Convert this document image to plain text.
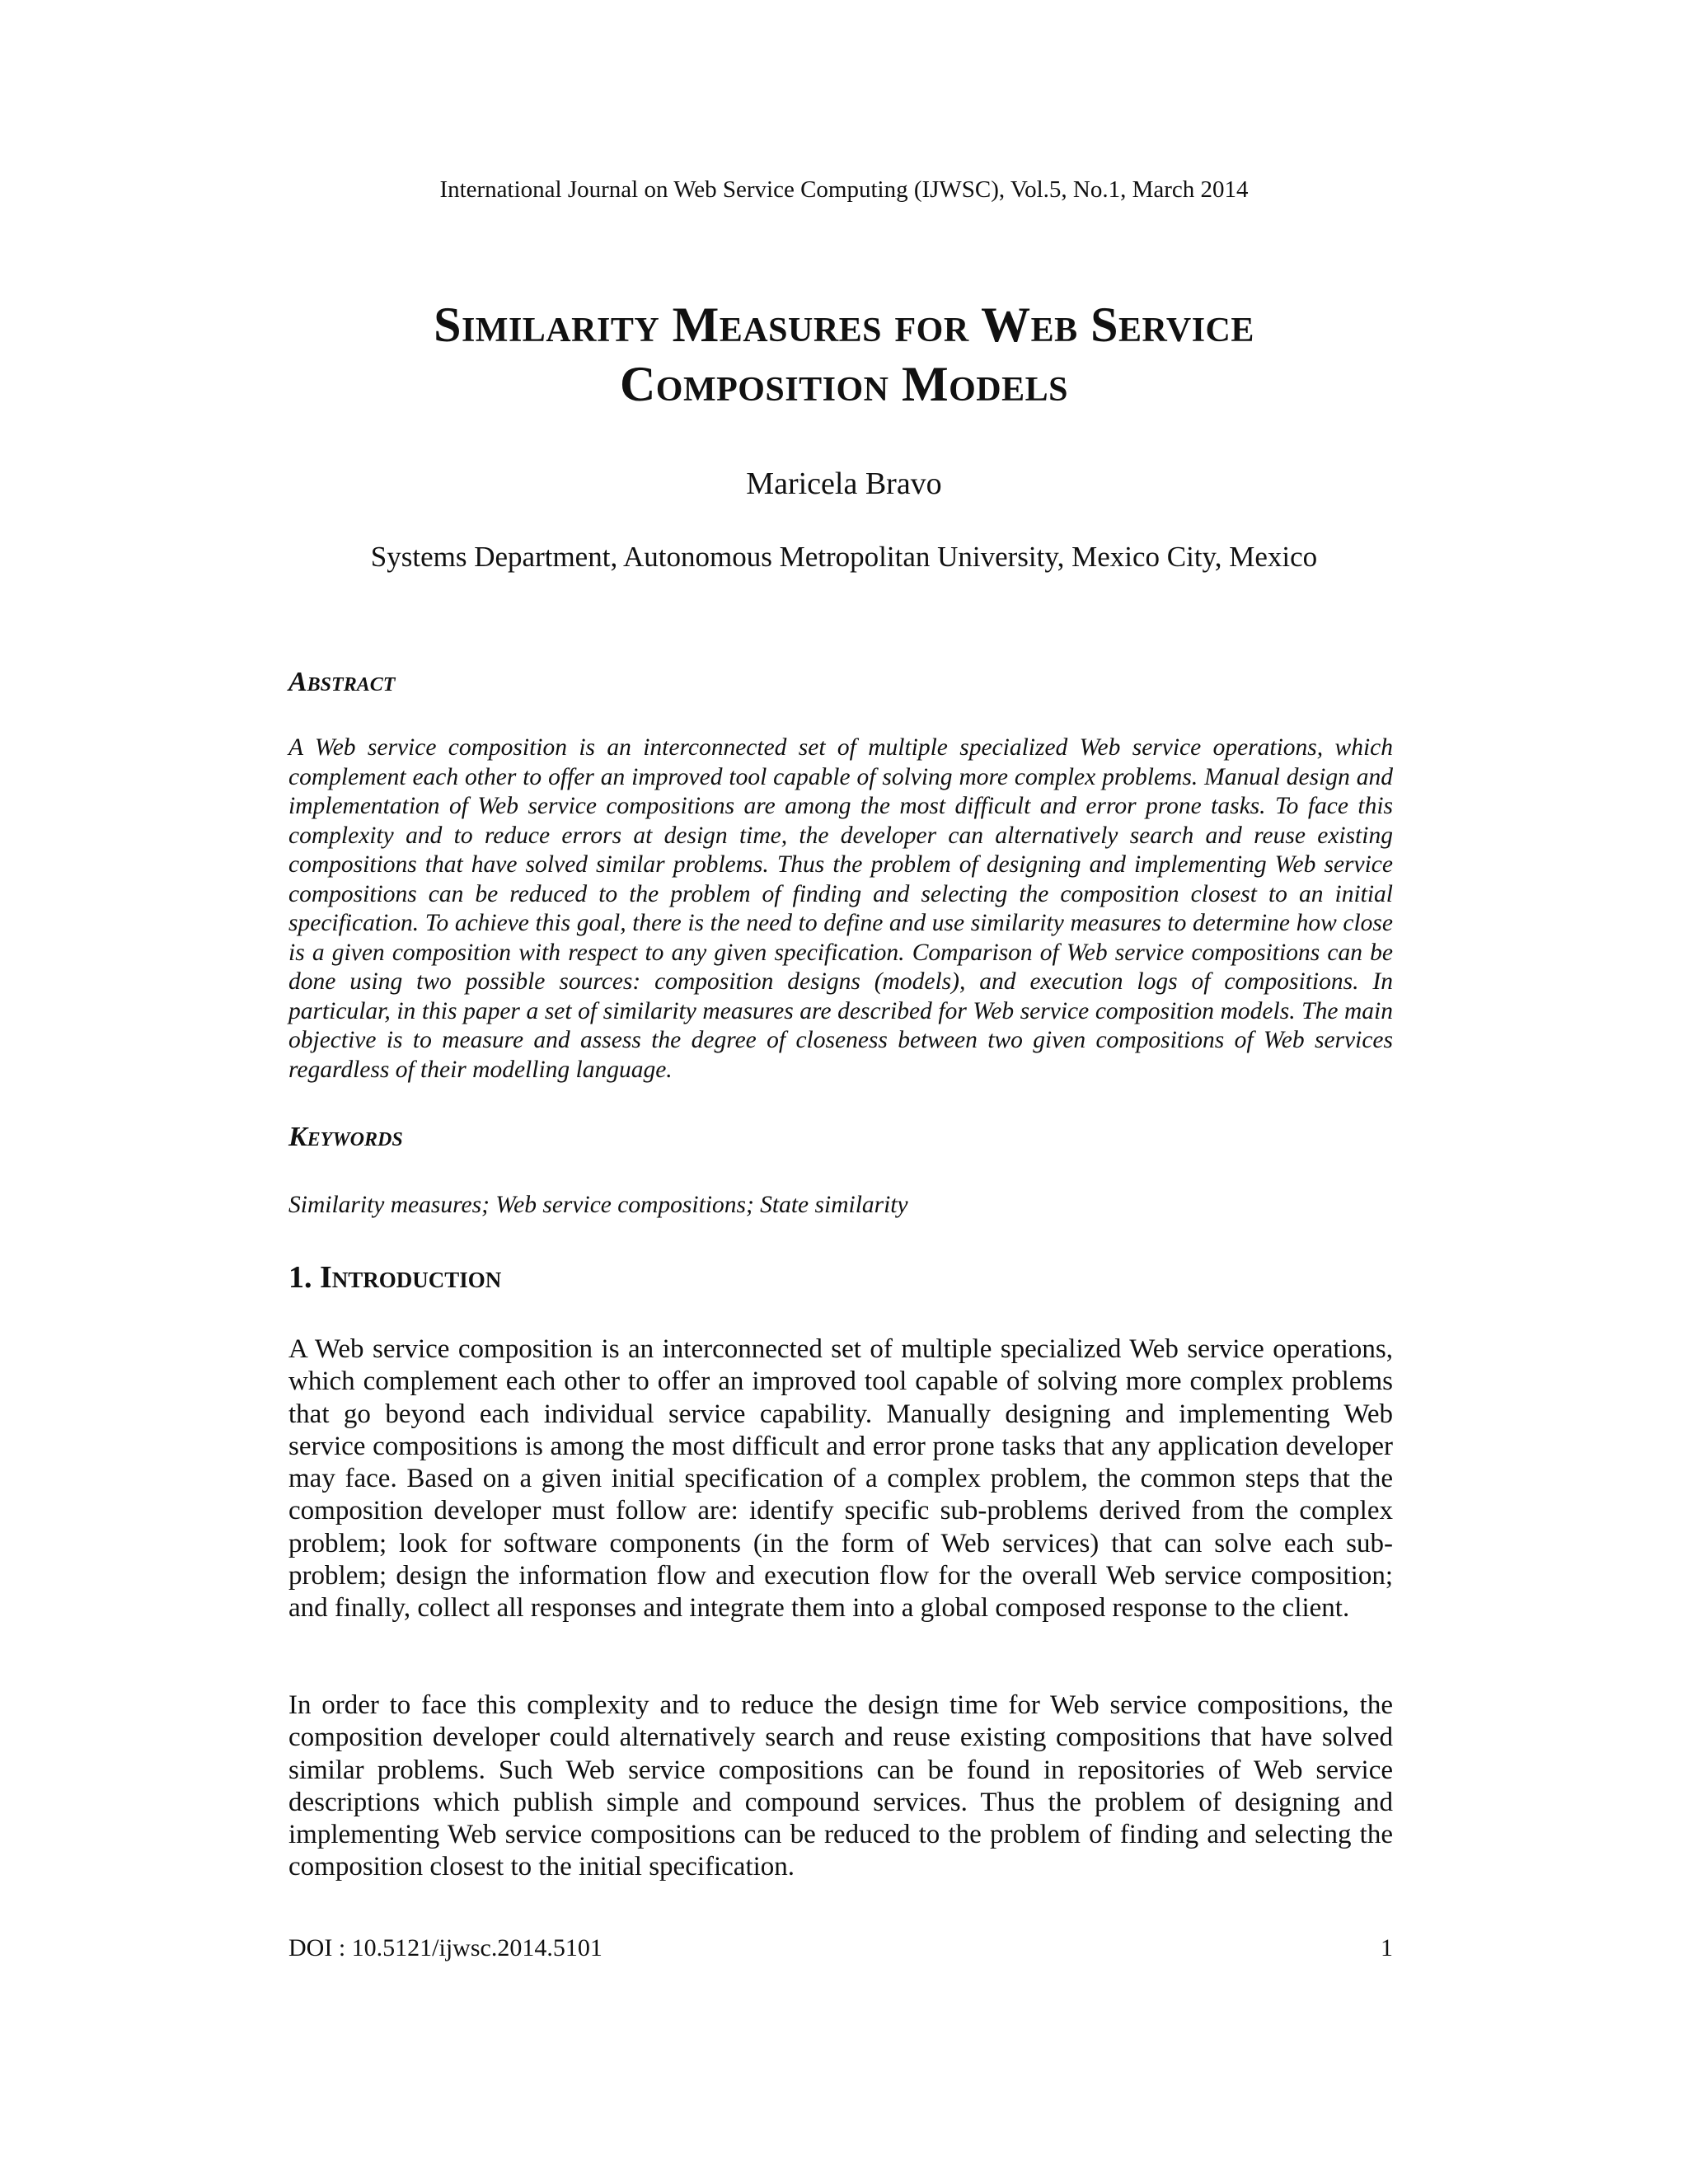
International Journal on Web Service Computing (IJWSC), Vol.5, No.1, March 2014
Similarity Measures for Web Service
Composition Models
Maricela Bravo
Systems Department, Autonomous Metropolitan University, Mexico City, Mexico
Abstract

A Web service composition is an interconnected set of multiple specialized Web service operations, which complement each other to offer an improved tool capable of solving more complex problems. Manual design and implementation of Web service compositions are among the most difficult and error prone tasks. To face this complexity and to reduce errors at design time, the developer can alternatively search and reuse existing compositions that have solved similar problems. Thus the problem of designing and implementing Web service compositions can be reduced to the problem of finding and selecting the composition closest to an initial specification. To achieve this goal, there is the need to define and use similarity measures to determine how close is a given composition with respect to any given specification. Comparison of Web service compositions can be done using two possible sources: composition designs (models), and execution logs of compositions. In particular, in this paper a set of similarity measures are described for Web service composition models. The main objective is to measure and assess the degree of closeness between two given compositions of Web services regardless of their modelling language.

Keywords

Similarity measures; Web service compositions; State similarity

1. Introduction

A Web service composition is an interconnected set of multiple specialized Web service operations, which complement each other to offer an improved tool capable of solving more complex problems that go beyond each individual service capability. Manually designing and implementing Web service compositions is among the most difficult and error prone tasks that any application developer may face. Based on a given initial specification of a complex problem, the common steps that the composition developer must follow are: identify specific sub-problems derived from the complex problem; look for software components (in the form of Web services) that can solve each sub-problem; design the information flow and execution flow for the overall Web service composition; and finally, collect all responses and integrate them into a global composed response to the client.

In order to face this complexity and to reduce the design time for Web service compositions, the composition developer could alternatively search and reuse existing compositions that have solved similar problems. Such Web service compositions can be found in repositories of Web service descriptions which publish simple and compound services. Thus the problem of designing and implementing Web service compositions can be reduced to the problem of finding and selecting the composition closest to the initial specification.

DOI : 10.5121/ijwsc.2014.5101	1
